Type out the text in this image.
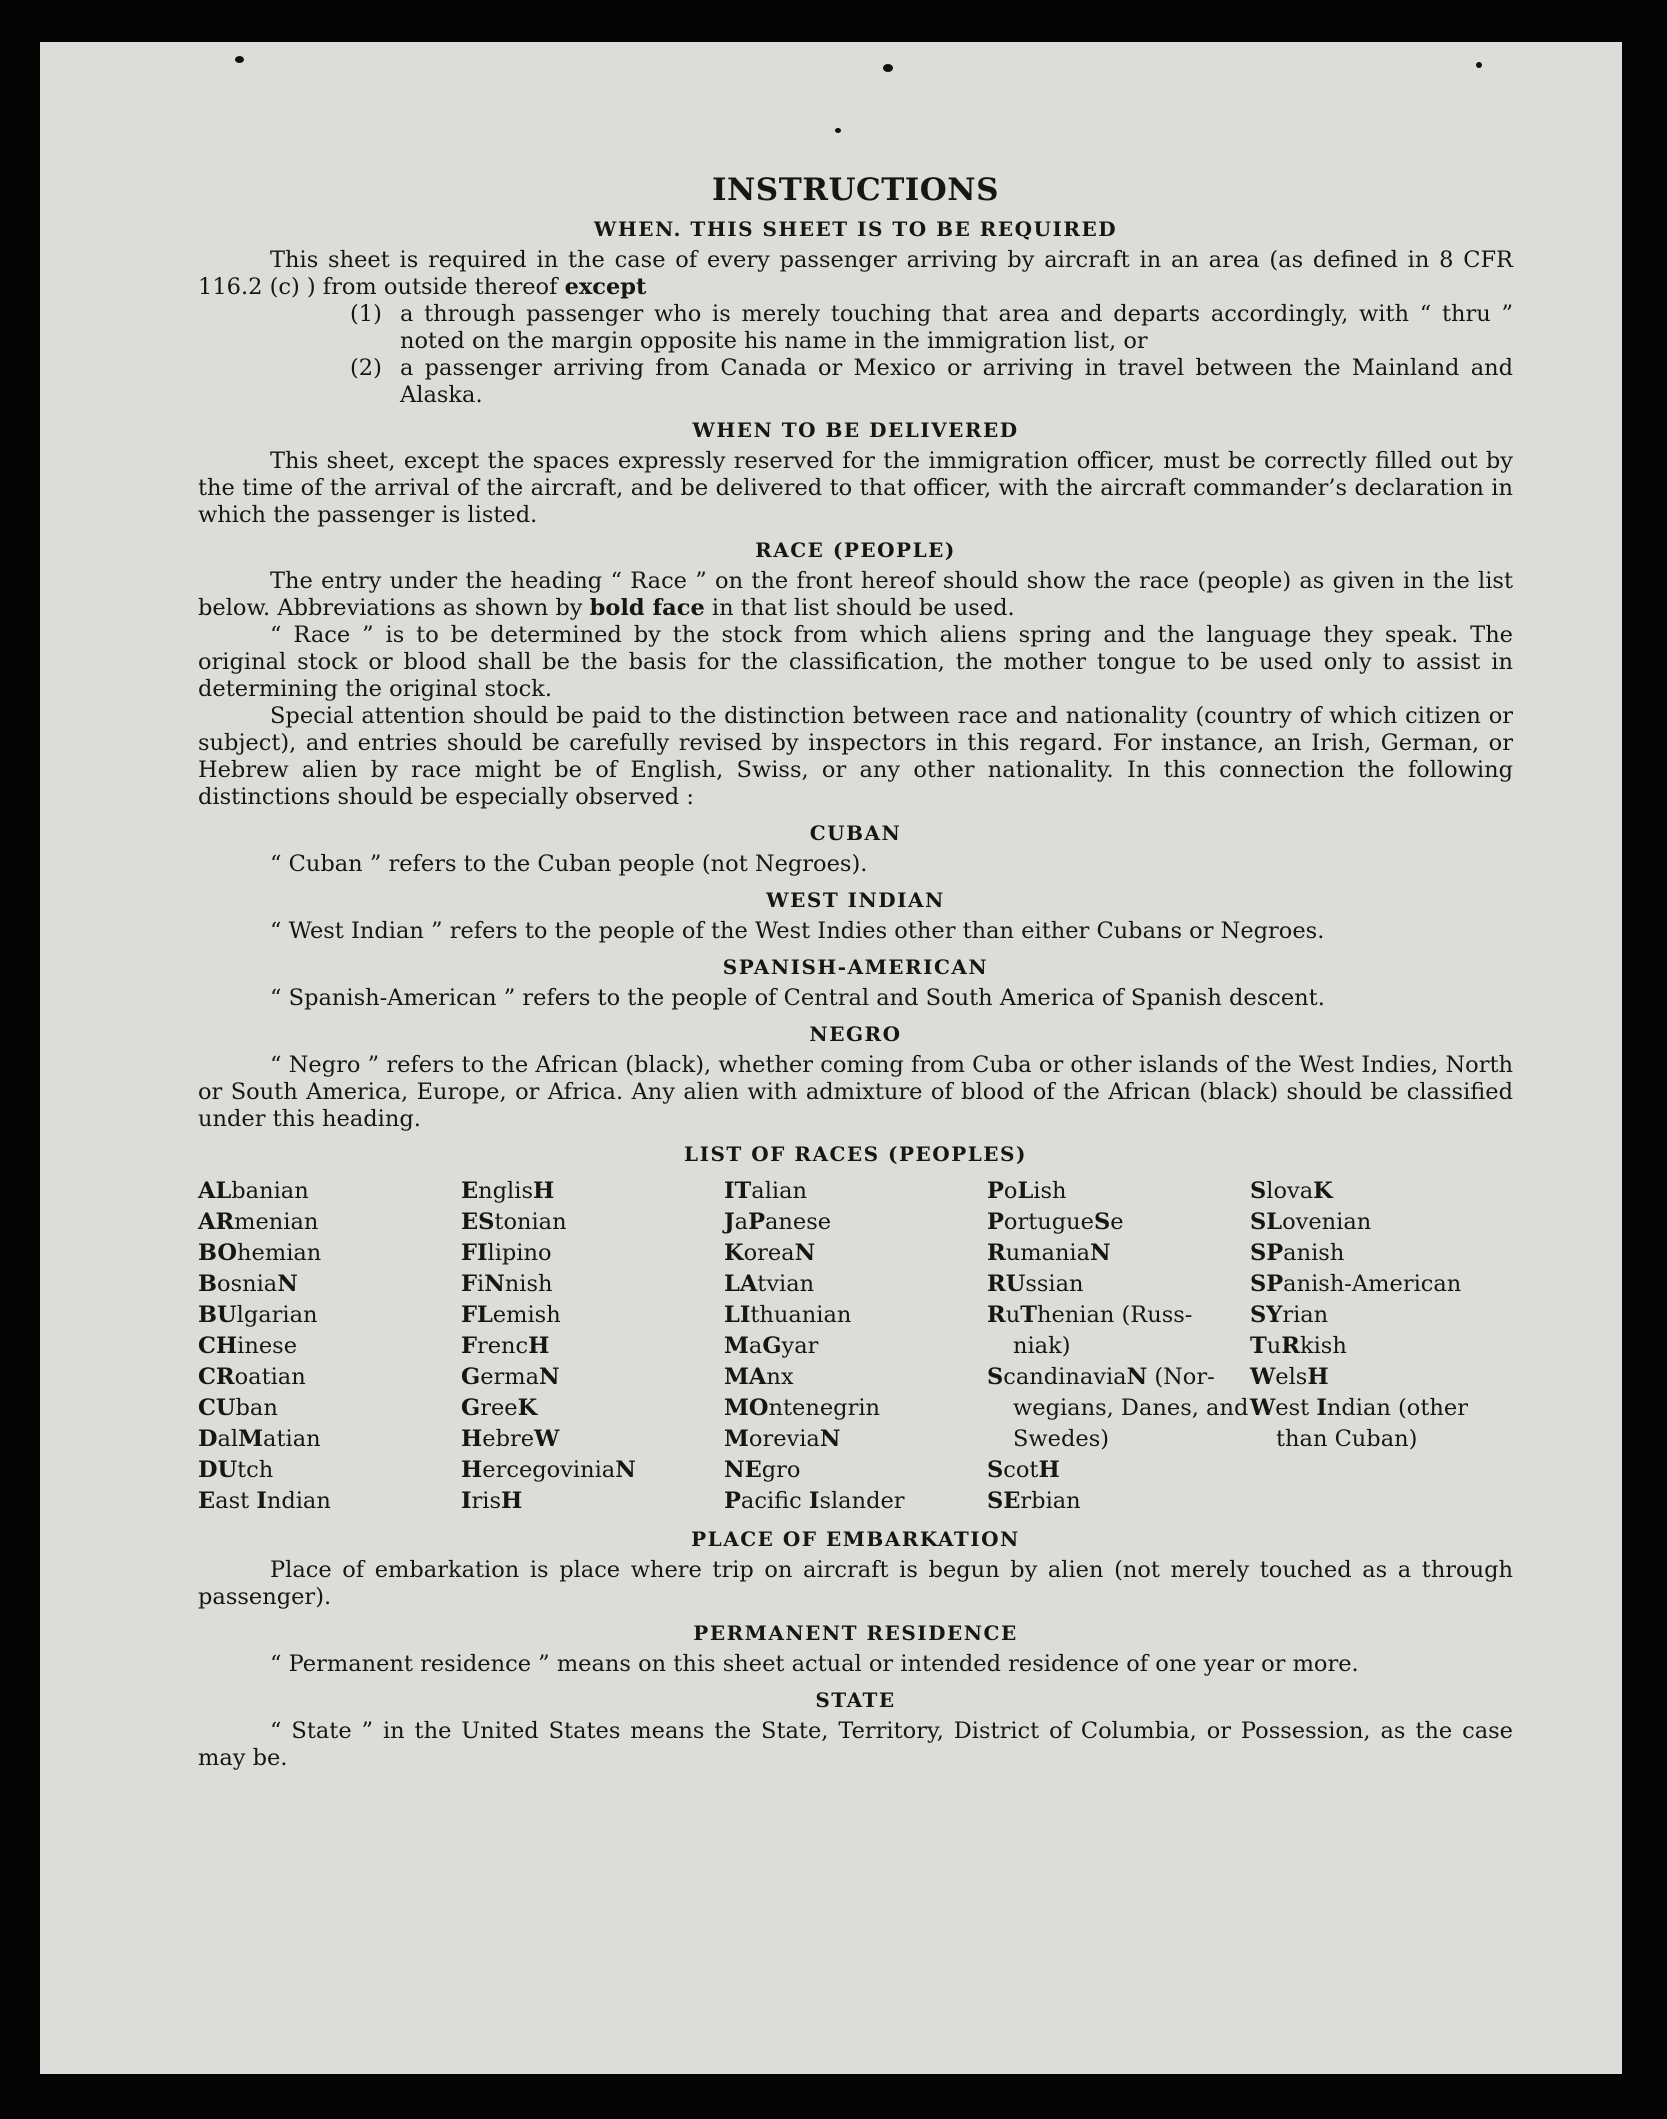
INSTRUCTIONS
WHEN. THIS SHEET IS TO BE REQUIRED

This sheet is required in the case of every passenger arriving by aircraft in an area (as defined in 8 CFR 116.2 (c) ) from outside thereof except

(1) a through passenger who is merely touching that area and departs accordingly, with “ thru ” noted on the margin opposite his name in the immigration list, or
(2) a passenger arriving from Canada or Mexico or arriving in travel between the Mainland and Alaska.
WHEN TO BE DELIVERED

This sheet, except the spaces expressly reserved for the immigration officer, must be correctly filled out by the time of the arrival of the aircraft, and be delivered to that officer, with the aircraft commander’s declaration in which the passenger is listed.

RACE (PEOPLE)

The entry under the heading “ Race ” on the front hereof should show the race (people) as given in the list below. Abbreviations as shown by bold face in that list should be used.

“ Race ” is to be determined by the stock from which aliens spring and the language they speak. The original stock or blood shall be the basis for the classification, the mother tongue to be used only to assist in determining the original stock.

Special attention should be paid to the distinction between race and nationality (country of which citizen or subject), and entries should be carefully revised by inspectors in this regard. For instance, an Irish, German, or Hebrew alien by race might be of English, Swiss, or any other nationality. In this connection the following distinctions should be especially observed :

CUBAN

“ Cuban ” refers to the Cuban people (not Negroes).

WEST INDIAN

“ West Indian ” refers to the people of the West Indies other than either Cubans or Negroes.

SPANISH-AMERICAN

“ Spanish-American ” refers to the people of Central and South America of Spanish descent.

NEGRO

“ Negro ” refers to the African (black), whether coming from Cuba or other islands of the West Indies, North or South America, Europe, or Africa. Any alien with admixture of blood of the African (black) should be classified under this heading.

LIST OF RACES (PEOPLES)
ALbanian
ARmenian
BOhemian
BosniaN
BUlgarian
CHinese
CRoatian
CUban
DalMatian
DUtch
East Indian
EnglisH
EStonian
FIlipino
FiNnish
FLemish
FrencH
GermaN
GreeK
HebreW
HercegoviniaN
IrisH
ITalian
JaPanese
KoreaN
LAtvian
LIthuanian
MaGyar
MAnx
MOntenegrin
MoreviaN
NEgro
Pacific Islander
PoLish
PortugueSe
RumaniaN
RUssian
RuThenian (Russ- niak)
ScandinaviaN (Nor- wegians, Danes, and Swedes)
ScotH
SErbian
SlovaK
SLovenian
SPanish
SPanish-American
SYrian
TuRkish
WelsH
West Indian (other than Cuban)
PLACE OF EMBARKATION

Place of embarkation is place where trip on aircraft is begun by alien (not merely touched as a through passenger).

PERMANENT RESIDENCE

“ Permanent residence ” means on this sheet actual or intended residence of one year or more.

STATE

“ State ” in the United States means the State, Territory, District of Columbia, or Possession, as the case may be.
